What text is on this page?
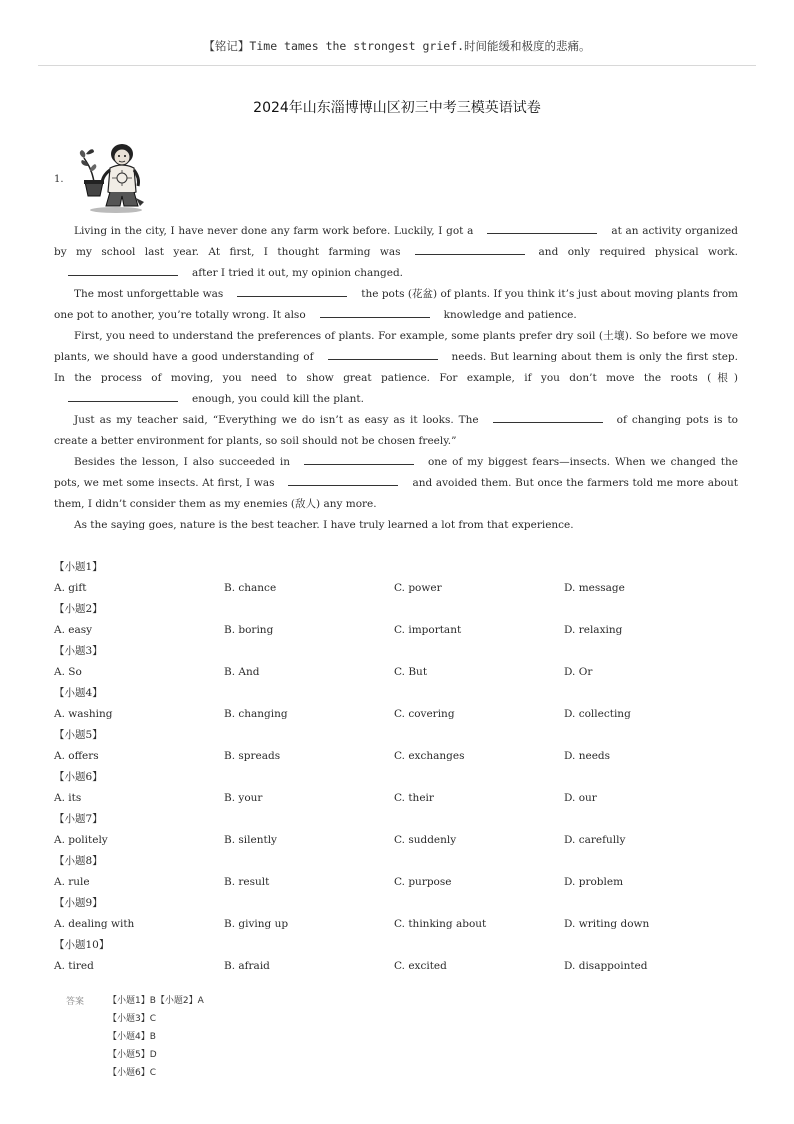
【铭记】Time tames the strongest grief.时间能缓和极度的悲痛。
2024年山东淄博博山区初三中考三模英语试卷
1.

Living in the city, I have never done any farm work before. Luckily, I got a	at an activity organized by my school last year. At first, I thought farming was	and only required physical work.after I tried it out, my opinion changed.

The most unforgettable was	the pots (花盆) of plants. If you think it’s just about moving plants from one pot to another, you’re totally wrong. It also	knowledge and patience.

First, you need to understand the preferences of plants. For example, some plants prefer dry soil (土壤). So before we move plants, we should have a good understanding of	needs. But learning about them is only the first step. In the process of moving, you need to show great patience. For example, if you don’t move the roots (根)enough, you could kill the plant.

Just as my teacher said, “Everything we do isn’t as easy as it looks. The	of changing pots is to create a better environment for plants, so soil should not be chosen freely.”

Besides the lesson, I also succeeded in	one of my biggest fears—insects. When we changed the pots, we met some insects. At first, I was	and avoided them. But once the farmers told me more about them, I didn’t consider them as my enemies (敌人) any more.

As the saying goes, nature is the best teacher. I have truly learned a lot from that experience.

【小题1】
A. gift	B. chance	C. power	D. message
【小题2】
A. easy	B. boring	C. important	D. relaxing
【小题3】
A. So	B. And	C. But	D. Or
【小题4】
A. washing	B. changing	C. covering	D. collecting
【小题5】
A. offers	B. spreads	C. exchanges	D. needs
【小题6】
A. its	B. your	C. their	D. our
【小题7】
A. politely	B. silently	C. suddenly	D. carefully
【小题8】
A. rule	B. result	C. purpose	D. problem
【小题9】
A. dealing with	B. giving up	C. thinking about	D. writing down
【小题10】
A. tired	B. afraid	C. excited	D. disappointed
答案	【小题1】B【小题2】A
【小题3】C
【小题4】B
【小题5】D
【小题6】C
